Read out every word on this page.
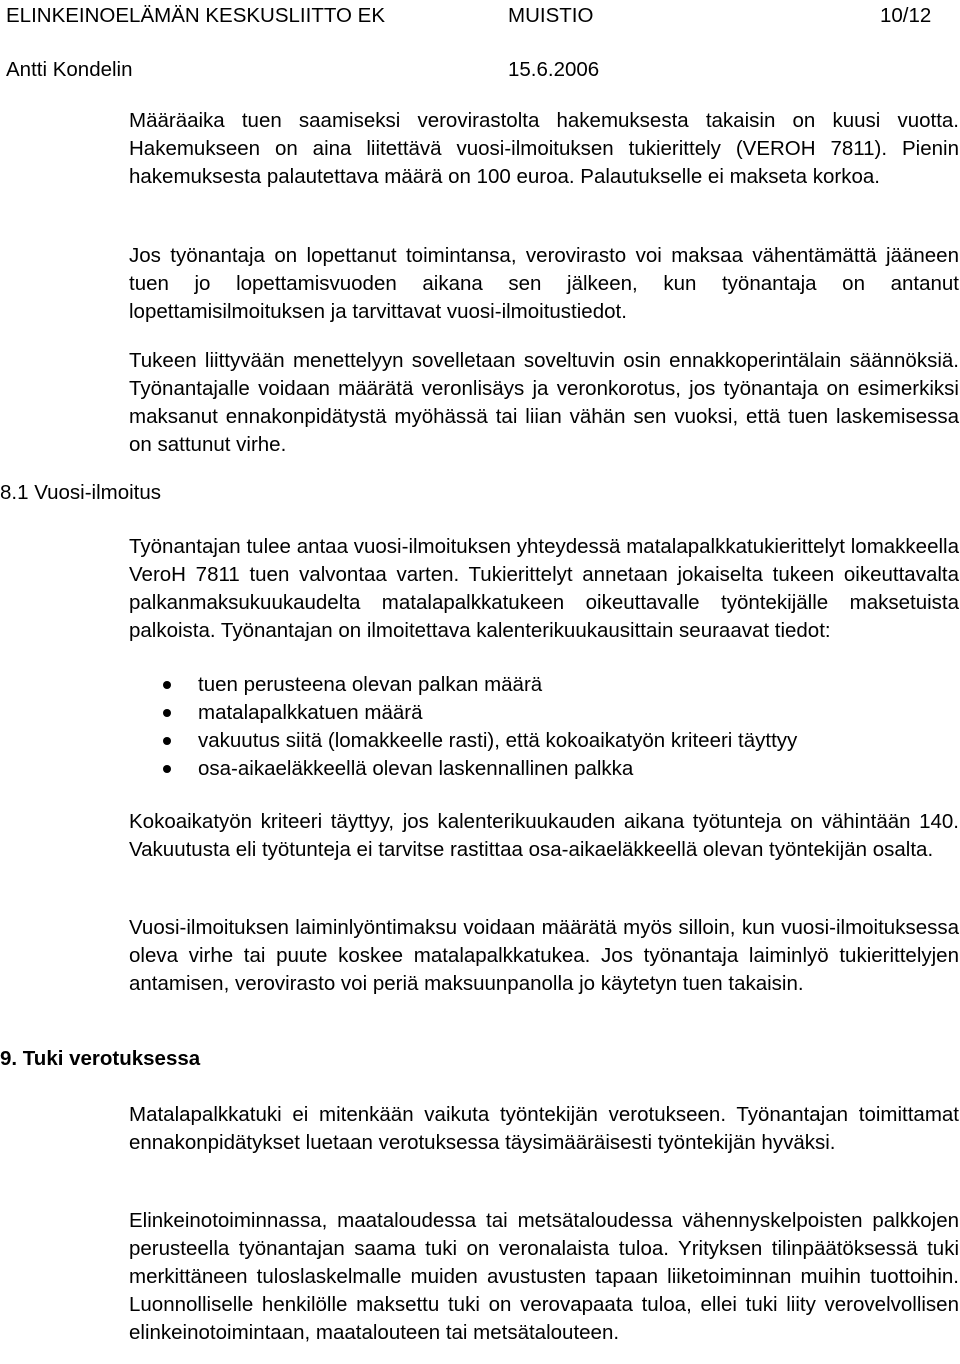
ELINKEINOELÄMÄN KESKUSLIITTO EK	MUISTIO	10/12
Antti Kondelin	15.6.2006

Määräaika tuen saamiseksi verovirastolta hakemuksesta takaisin on kuusi vuotta. Hakemukseen on aina liitettävä vuosi-ilmoituksen tukierittely (VEROH 7811). Pienin hakemuksesta palautettava määrä on 100 euroa. Palautukselle ei makseta korkoa.

Jos työnantaja on lopettanut toimintansa, verovirasto voi maksaa vähentämättä jääneen tuen jo lopettamisvuoden aikana sen jälkeen, kun työnantaja on antanut lopettamisilmoituksen ja tarvittavat vuosi-ilmoitustiedot.

Tukeen liittyvään menettelyyn sovelletaan soveltuvin osin ennakkoperintälain säännöksiä. Työnantajalle voidaan määrätä veronlisäys ja veronkorotus, jos työnantaja on esimerkiksi maksanut ennakonpidätystä myöhässä tai liian vähän sen vuoksi, että tuen laskemisessa on sattunut virhe.

8.1 Vuosi-ilmoitus

Työnantajan tulee antaa vuosi-ilmoituksen yhteydessä matalapalkkatukierittelyt lomakkeella VeroH 7811 tuen valvontaa varten. Tukierittelyt annetaan jokaiselta tukeen oikeuttavalta palkanmaksukuukaudelta matalapalkkatukeen oikeuttavalle työntekijälle maksetuista palkoista. Työnantajan on ilmoitettava kalenterikuukausittain seuraavat tiedot:

tuen perusteena olevan palkan määrä
matalapalkkatuen määrä
vakuutus siitä (lomakkeelle rasti), että kokoaikatyön kriteeri täyttyy
osa-aikaeläkkeellä olevan laskennallinen palkka

Kokoaikatyön kriteeri täyttyy, jos kalenterikuukauden aikana työtunteja on vähintään 140. Vakuutusta eli työtunteja ei tarvitse rastittaa osa-aikaeläkkeellä olevan työntekijän osalta.

Vuosi-ilmoituksen laiminlyöntimaksu voidaan määrätä myös silloin, kun vuosi-ilmoituksessa oleva virhe tai puute koskee matalapalkkatukea. Jos työnantaja laiminlyö tukierittelyjen antamisen, verovirasto voi periä maksuunpanolla jo käytetyn tuen takaisin.

9. Tuki verotuksessa

Matalapalkkatuki ei mitenkään vaikuta työntekijän verotukseen. Työnantajan toimittamat ennakonpidätykset luetaan verotuksessa täysimääräisesti työntekijän hyväksi.

Elinkeinotoiminnassa, maataloudessa tai metsätaloudessa vähennyskelpoisten palkkojen perusteella työnantajan saama tuki on veronalaista tuloa. Yrityksen tilinpäätöksessä tuki merkittäneen tuloslaskelmalle muiden avustusten tapaan liiketoiminnan muihin tuottoihin. Luonnolliselle henkilölle maksettu tuki on verovapaata tuloa, ellei tuki liity verovelvollisen elinkeinotoimintaan, maatalouteen tai metsätalouteen.
